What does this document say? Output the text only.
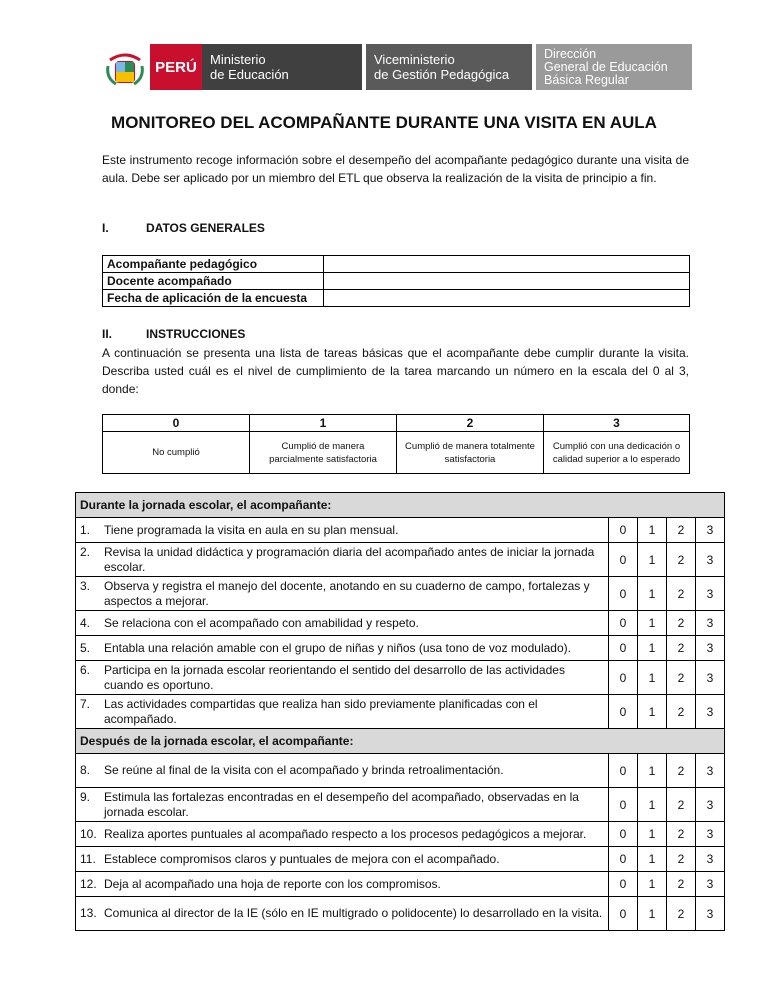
PERÚ	Ministerio
de Educación
Viceministerio
de Gestión Pedagógica
Dirección
General de Educación
Básica Regular
MONITOREO DEL ACOMPAÑANTE DURANTE UNA VISITA EN AULA
Este instrumento recoge información sobre el desempeño del acompañante pedagógico durante una visita de aula. Debe ser aplicado por un miembro del ETL que observa la realización de la visita de principio a fin.
I.	DATOS GENERALES
Acompañante pedagógico	
Docente acompañado	
Fecha de aplicación de la encuesta	
II.	INSTRUCCIONES
A continuación se presenta una lista de tareas básicas que el acompañante debe cumplir durante la visita. Describa usted cuál es el nivel de cumplimiento de la tarea marcando un número en la escala del 0 al 3, donde:
0	1	2	3
No cumplió	Cumplió de manera parcialmente satisfactoria	Cumplió de manera totalmente satisfactoria	Cumplió con una dedicación o calidad superior a lo esperado
Durante la jornada escolar, el acompañante:				

1. Tiene programada la visita en aula en su plan mensual.	0	1	2	3

2. Revisa la unidad didáctica y programación diaria del acompañado antes de iniciar la jornada escolar.	0	1	2	3

3. Observa y registra el manejo del docente, anotando en su cuaderno de campo, fortalezas y aspectos a mejorar.	0	1	2	3

4. Se relaciona con el acompañado con amabilidad y respeto.	0	1	2	3

5. Entabla una relación amable con el grupo de niñas y niños (usa tono de voz modulado).	0	1	2	3

6. Participa en la jornada escolar reorientando el sentido del desarrollo de las actividades cuando es oportuno.	0	1	2	3

7. Las actividades compartidas que realiza han sido previamente planificadas con el acompañado.	0	1	2	3
Después de la jornada escolar, el acompañante:				

8. Se reúne al final de la visita con el acompañado y brinda retroalimentación.	0	1	2	3

9. Estimula las fortalezas encontradas en el desempeño del acompañado, observadas en la jornada escolar.	0	1	2	3

10. Realiza aportes puntuales al acompañado respecto a los procesos pedagógicos a mejorar.	0	1	2	3

11. Establece compromisos claros y puntuales de mejora con el acompañado.	0	1	2	3

12. Deja al acompañado una hoja de reporte con los compromisos.	0	1	2	3

13. Comunica al director de la IE (sólo en IE multigrado o polidocente) lo desarrollado en la visita.	0	1	2	3
